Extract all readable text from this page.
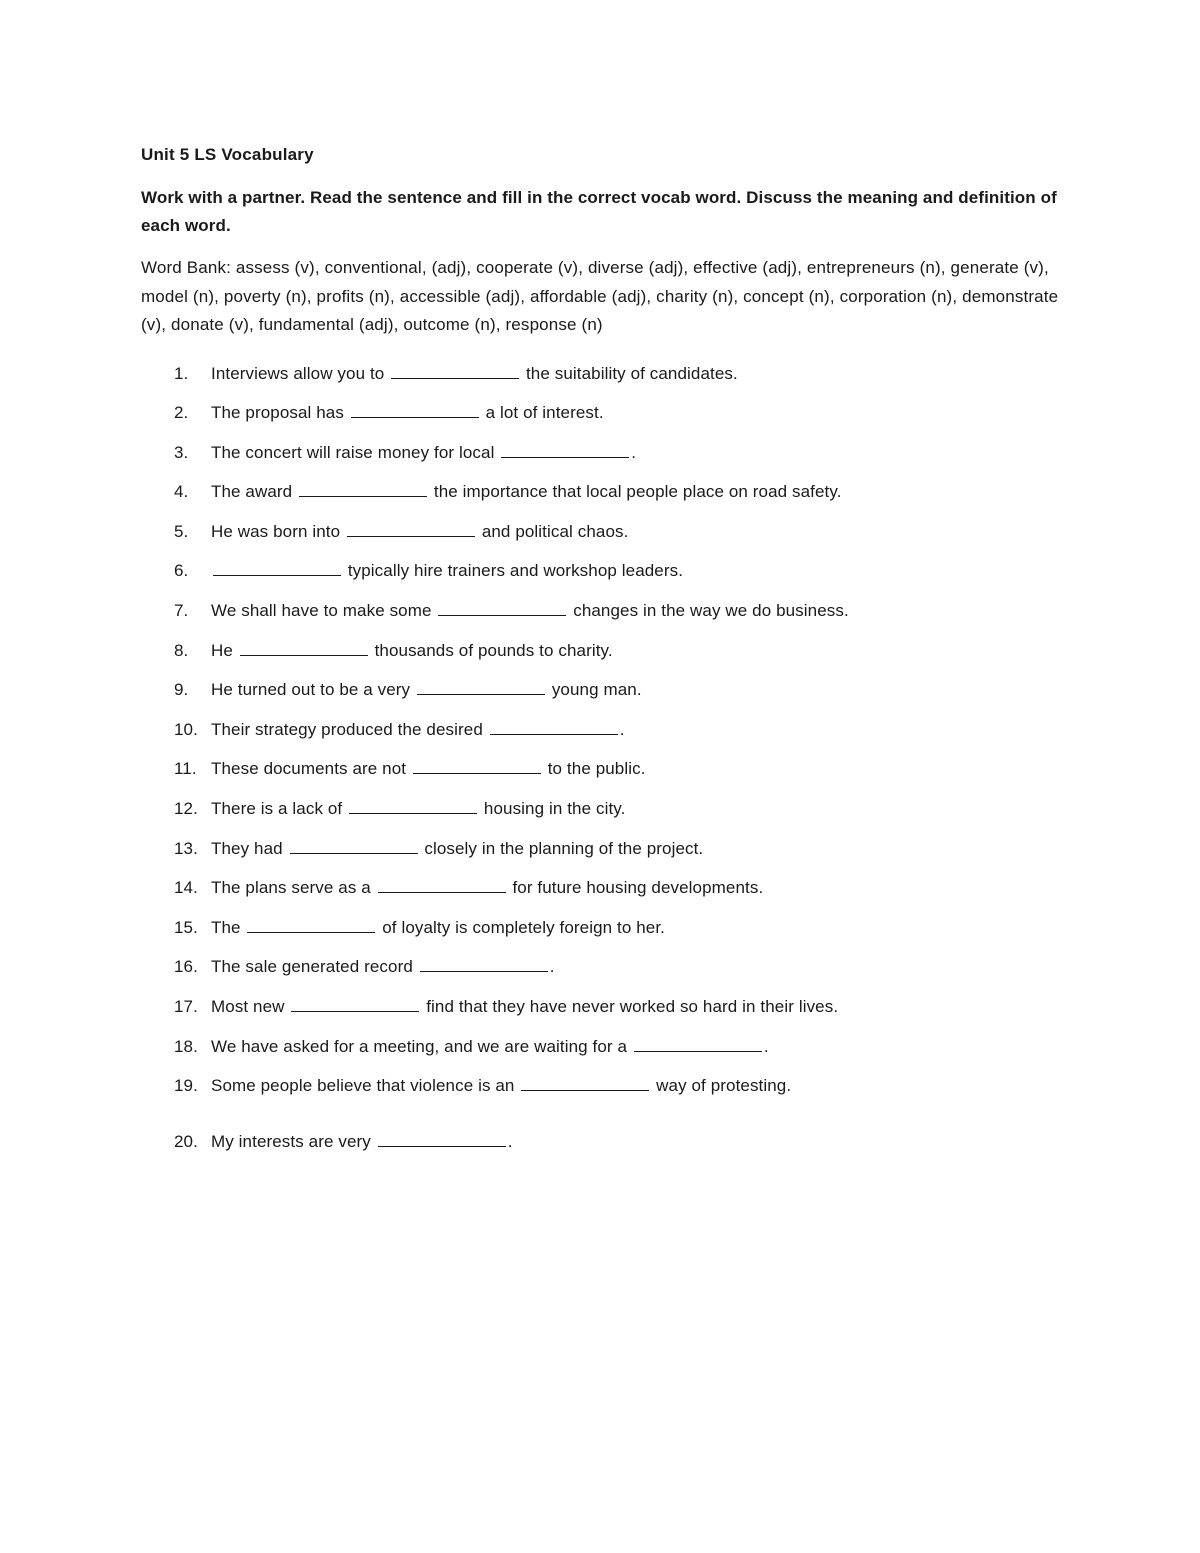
Unit 5 LS Vocabulary
Work with a partner. Read the sentence and fill in the correct vocab word. Discuss the meaning and definition of each word.
Word Bank: assess (v), conventional, (adj), cooperate (v), diverse (adj), effective (adj), entrepreneurs (n), generate (v), model (n), poverty (n), profits (n), accessible (adj), affordable (adj), charity (n), concept (n), corporation (n), demonstrate (v), donate (v), fundamental (adj), outcome (n), response (n)
1. Interviews allow you to	the suitability of candidates.
2. The proposal has	a lot of interest.
3. The concert will raise money for local	.
4. The award	the importance that local people place on road safety.
5. He was born into	and political chaos.
6.	typically hire trainers and workshop leaders.
7. We shall have to make some	changes in the way we do business.
8. He	thousands of pounds to charity.
9. He turned out to be a very	young man.
10. Their strategy produced the desired	.
11. These documents are not	to the public.
12. There is a lack of	housing in the city.
13. They had	closely in the planning of the project.
14. The plans serve as a	for future housing developments.
15. The	of loyalty is completely foreign to her.
16. The sale generated record	.
17. Most new	find that they have never worked so hard in their lives.
18. We have asked for a meeting, and we are waiting for a	.
19. Some people believe that violence is an	way of protesting.
20. My interests are very	.
